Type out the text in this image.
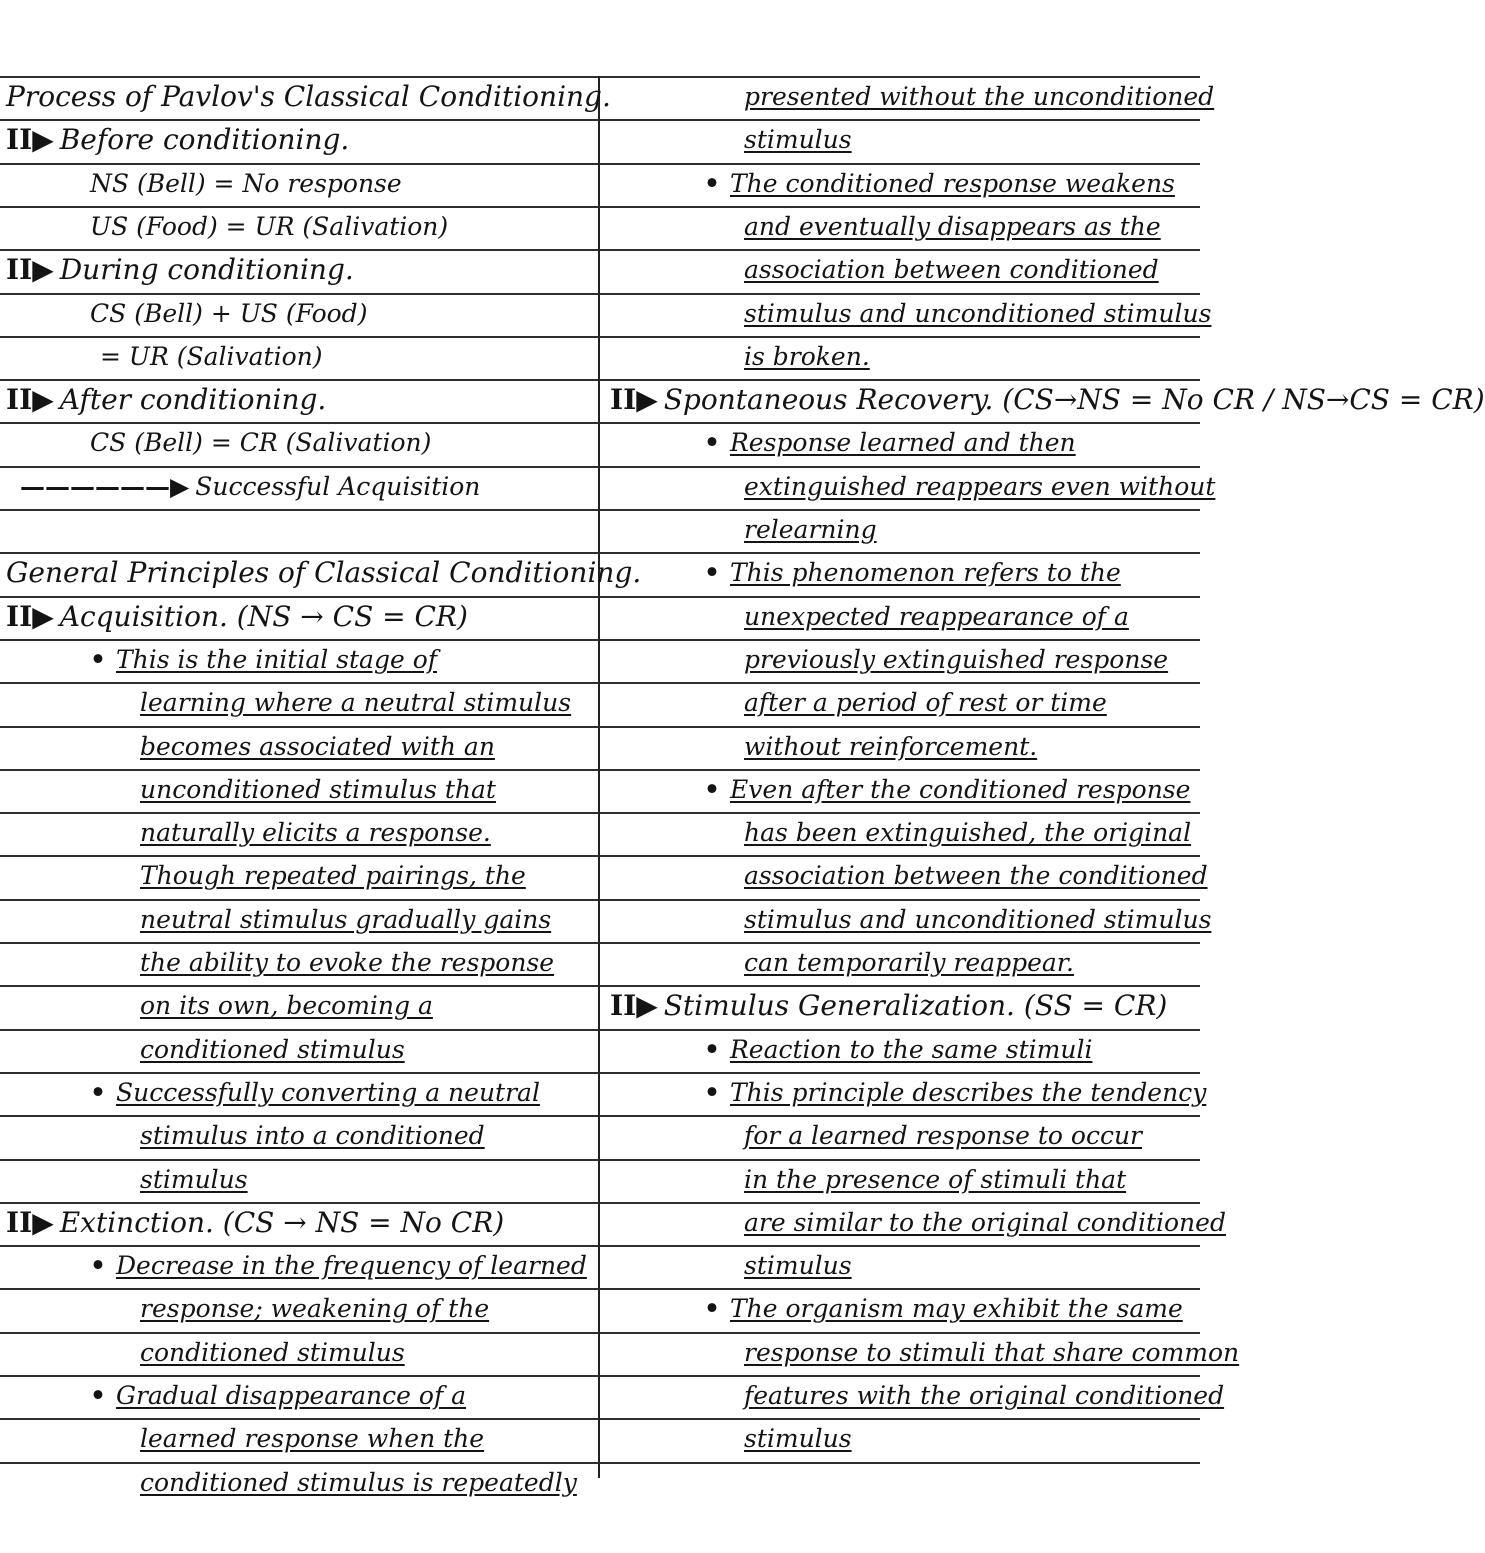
Process of Pavlov's Classical Conditioning.
II▶ Before conditioning.
NS (Bell) = No response
US (Food) = UR (Salivation)
II▶ During conditioning.
CS (Bell) + US (Food)
= UR (Salivation)
II▶ After conditioning.
CS (Bell) = CR (Salivation)
——————▶ Successful Acquisition
General Principles of Classical Conditioning.
II▶ Acquisition. (NS → CS = CR)
• This is the initial stage of
learning where a neutral stimulus
becomes associated with an
unconditioned stimulus that
naturally elicits a response.
Though repeated pairings, the
neutral stimulus gradually gains
the ability to evoke the response
on its own, becoming a
conditioned stimulus
• Successfully converting a neutral
stimulus into a conditioned
stimulus
II▶ Extinction. (CS → NS = No CR)
• Decrease in the frequency of learned
response; weakening of the
conditioned stimulus
• Gradual disappearance of a
learned response when the
conditioned stimulus is repeatedly
presented without the unconditioned
stimulus
• The conditioned response weakens
and eventually disappears as the
association between conditioned
stimulus and unconditioned stimulus
is broken.
II▶ Spontaneous Recovery. (CS→NS = No CR / NS→CS = CR)
• Response learned and then
extinguished reappears even without
relearning
• This phenomenon refers to the
unexpected reappearance of a
previously extinguished response
after a period of rest or time
without reinforcement.
• Even after the conditioned response
has been extinguished, the original
association between the conditioned
stimulus and unconditioned stimulus
can temporarily reappear.
II▶ Stimulus Generalization. (SS = CR)
• Reaction to the same stimuli
• This principle describes the tendency
for a learned response to occur
in the presence of stimuli that
are similar to the original conditioned
stimulus
• The organism may exhibit the same
response to stimuli that share common
features with the original conditioned
stimulus
